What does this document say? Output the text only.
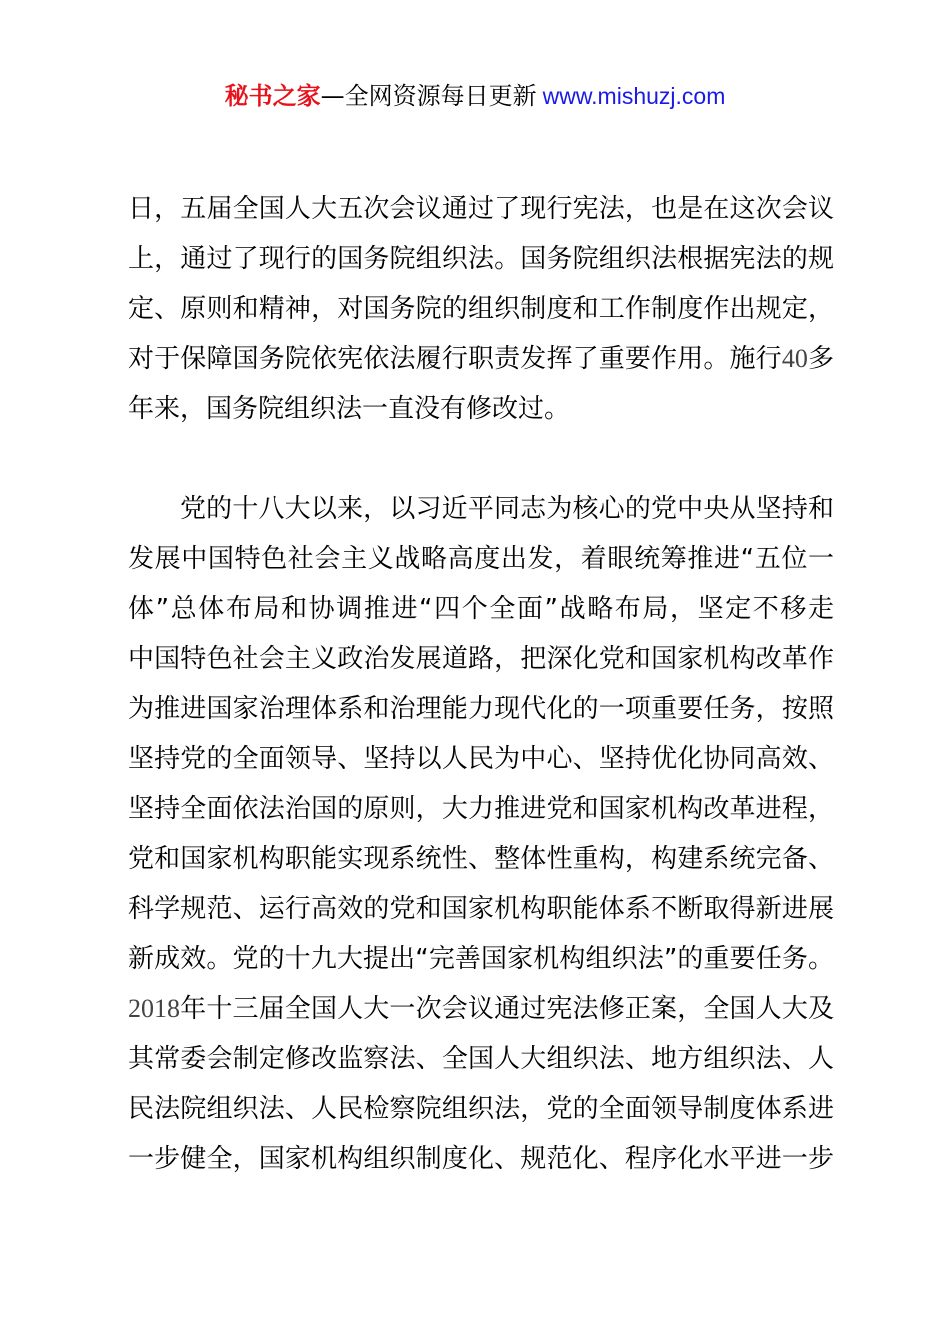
秘书之家—全网资源每日更新 www.mishuzj.com
日，五届全国人大五次会议通过了现行宪法，也是在这次会议
上，通过了现行的国务院组织法。国务院组织法根据宪法的规
定、原则和精神，对国务院的组织制度和工作制度作出规定，
对于保障国务院依宪依法履行职责发挥了重要作用。施行40多
年来，国务院组织法一直没有修改过。
党的十八大以来，以习近平同志为核心的党中央从坚持和
发展中国特色社会主义战略高度出发，着眼统筹推进“五位一
体”总体布局和协调推进“四个全面”战略布局，坚定不移走
中国特色社会主义政治发展道路，把深化党和国家机构改革作
为推进国家治理体系和治理能力现代化的一项重要任务，按照
坚持党的全面领导、坚持以人民为中心、坚持优化协同高效、
坚持全面依法治国的原则，大力推进党和国家机构改革进程，
党和国家机构职能实现系统性、整体性重构，构建系统完备、
科学规范、运行高效的党和国家机构职能体系不断取得新进展
新成效。党的十九大提出“完善国家机构组织法”的重要任务。
2018年十三届全国人大一次会议通过宪法修正案，全国人大及
其常委会制定修改监察法、全国人大组织法、地方组织法、人
民法院组织法、人民检察院组织法，党的全面领导制度体系进
一步健全，国家机构组织制度化、规范化、程序化水平进一步
